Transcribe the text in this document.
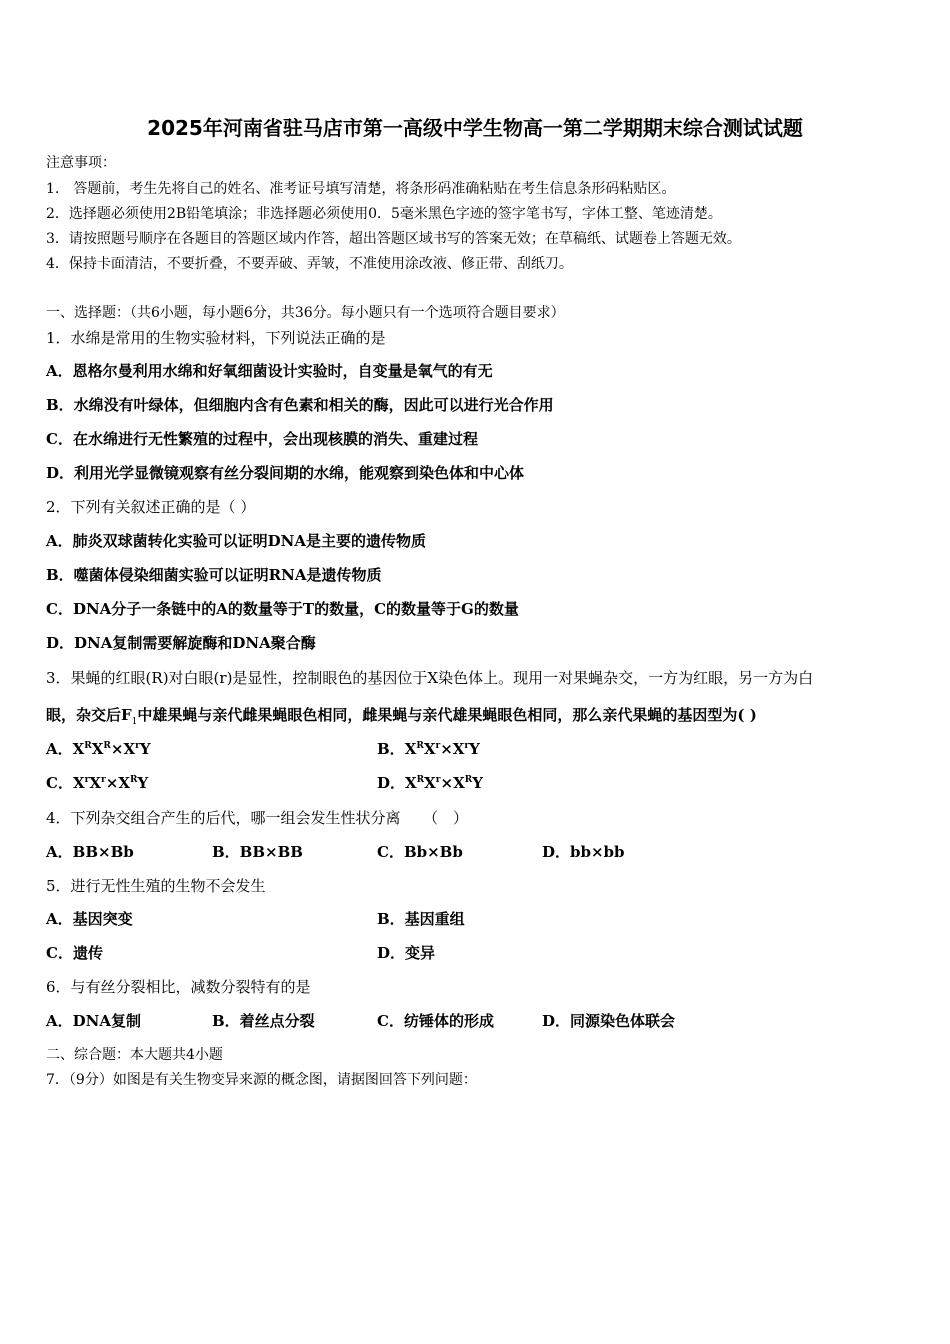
2025年河南省驻马店市第一高级中学生物高一第二学期期末综合测试试题
注意事项：
1.　答题前，考生先将自己的姓名、准考证号填写清楚，将条形码准确粘贴在考生信息条形码粘贴区。
2．选择题必须使用2B铅笔填涂；非选择题必须使用0．5毫米黑色字迹的签字笔书写，字体工整、笔迹清楚。
3．请按照题号顺序在各题目的答题区域内作答，超出答题区域书写的答案无效；在草稿纸、试题卷上答题无效。
4．保持卡面清洁，不要折叠，不要弄破、弄皱，不准使用涂改液、修正带、刮纸刀。
一、选择题：（共6小题，每小题6分，共36分。每小题只有一个选项符合题目要求）
1．水绵是常用的生物实验材料，下列说法正确的是
A．恩格尔曼利用水绵和好氧细菌设计实验时，自变量是氧气的有无
B．水绵没有叶绿体，但细胞内含有色素和相关的酶，因此可以进行光合作用
C．在水绵进行无性繁殖的过程中，会出现核膜的消失、重建过程
D．利用光学显微镜观察有丝分裂间期的水绵，能观察到染色体和中心体
2．下列有关叙述正确的是（ ）
A．肺炎双球菌转化实验可以证明DNA是主要的遗传物质
B．噬菌体侵染细菌实验可以证明RNA是遗传物质
C．DNA分子一条链中的A的数量等于T的数量，C的数量等于G的数量
D．DNA复制需要解旋酶和DNA聚合酶
3．果蝇的红眼(R)对白眼(r)是显性，控制眼色的基因位于X染色体上。现用一对果蝇杂交，一方为红眼，另一方为白
眼，杂交后$F_1$中雄果蝇与亲代雌果蝇眼色相同，雌果蝇与亲代雄果蝇眼色相同，那么亲代果蝇的基因型为( )
A．$X^RX^R\times X^rY$	B．$X^RX^r\times X^rY$
C．$X^rX^r\times X^RY$	D．$X^RX^r\times X^RY$
4．下列杂交组合产生的后代，哪一组会发生性状分离　　（　）
A．BB×Bb	B．BB×BB	C．Bb×Bb	D．bb×bb
5．进行无性生殖的生物不会发生
A．基因突变	B．基因重组
C．遗传	D．变异
6．与有丝分裂相比，减数分裂特有的是
A．DNA复制	B．着丝点分裂	C．纺锤体的形成	D．同源染色体联会
二、综合题：本大题共4小题
7．（9分）如图是有关生物变异来源的概念图，请据图回答下列问题：
